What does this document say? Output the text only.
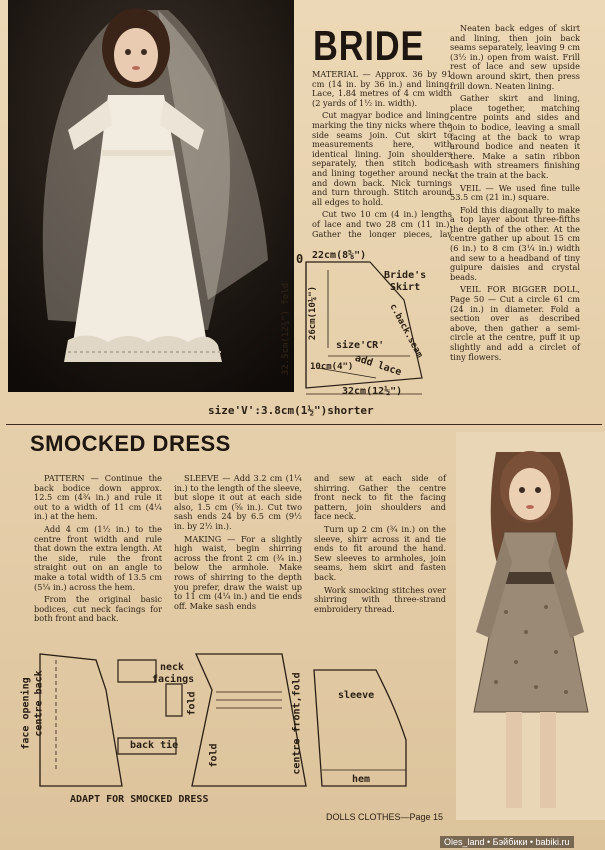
BRIDE

MATERIAL — Approx. 36 by 91 cm (14 in. by 36 in.) and lining. Lace, 1.84 metres of 4 cm width (2 yards of 1½ in. width).

Cut magyar bodice and lining, marking the tiny nicks where the side seams join. Cut skirt to measurements here, with identical lining. Join shoulders separately, then stitch bodice and lining together around neck and down back. Nick turnings and turn through. Stitch around all edges to hold.

Cut two 10 cm (4 in.) lengths of lace and two 28 cm (11 in.). Gather the longer pieces, lay

Neaten back edges of skirt and lining, then join back seams separately, leaving 9 cm (3½ in.) open from waist. Frill rest of lace and sew upside down around skirt, then press frill down. Neaten lining.

Gather skirt and lining, place together, matching centre points and sides and join to bodice, leaving a small facing at the back to wrap around bodice and neaten it there. Make a satin ribbon sash with streamers finishing at the train at the back.

VEIL — We used fine tulle 53.5 cm (21 in.) square.

Fold this diagonally to make a top layer about three-fifths the depth of the other. At the centre gather up about 15 cm (6 in.) to 8 cm (3¼ in.) width and sew to a headband of tiny guipure daisies and crystal beads.

VEIL FOR BIGGER DOLL, Page 50 — Cut a circle 61 cm (24 in.) in diameter. Fold a section over as described above, then gather a semi-circle at the centre, puff it up slightly and add a circlet of tiny flowers.

0 22cm(8⅝")
Bride's
Skirt
32.5cm(12¾") fold 26cm(10¼")	c.back.seam
size'CR'
add lace
10cm(4")
32cm(12½")
size'V':3.8cm(1½")shorter
SMOCKED DRESS

PATTERN — Continue the back bodice down approx. 12.5 cm (4¾ in.) and rule it out to a width of 11 cm (4¼ in.) at the hem.

Add 4 cm (1½ in.) to the centre front width and rule that down the extra length. At the side, rule the front straight out on an angle to make a total width of 13.5 cm (5¼ in.) across the hem.

From the original basic bodices, cut neck facings for both front and back.

SLEEVE — Add 3.2 cm (1¼ in.) to the length of the sleeve, but slope it out at each side also, 1.5 cm (⅝ in.). Cut two sash ends 24 by 6.5 cm (9½ in. by 2½ in.).

MAKING — For a slightly high waist, begin shirring across the front 2 cm (¾ in.) below the armhole. Make rows of shirring to the depth you prefer, draw the waist up to 11 cm (4¼ in.) and tie ends off. Make sash ends

and sew at each side of shirring. Gather the centre front neck to fit the facing pattern, join shoulders and face neck.

Turn up 2 cm (¾ in.) on the sleeve, shirr across it and tie ends to fit around the hand. Sew sleeves to armholes, join seams, hem skirt and fasten back.

Work smocking stitches over shirring with three-strand embroidery thread.

face opening centre back
neck
facings
back tie
fold
fold	centre front,fold	sleeve
hem
ADAPT FOR SMOCKED DRESS
DOLLS CLOTHES—Page 15
Oles_land • Бэйбики • babiki.ru
